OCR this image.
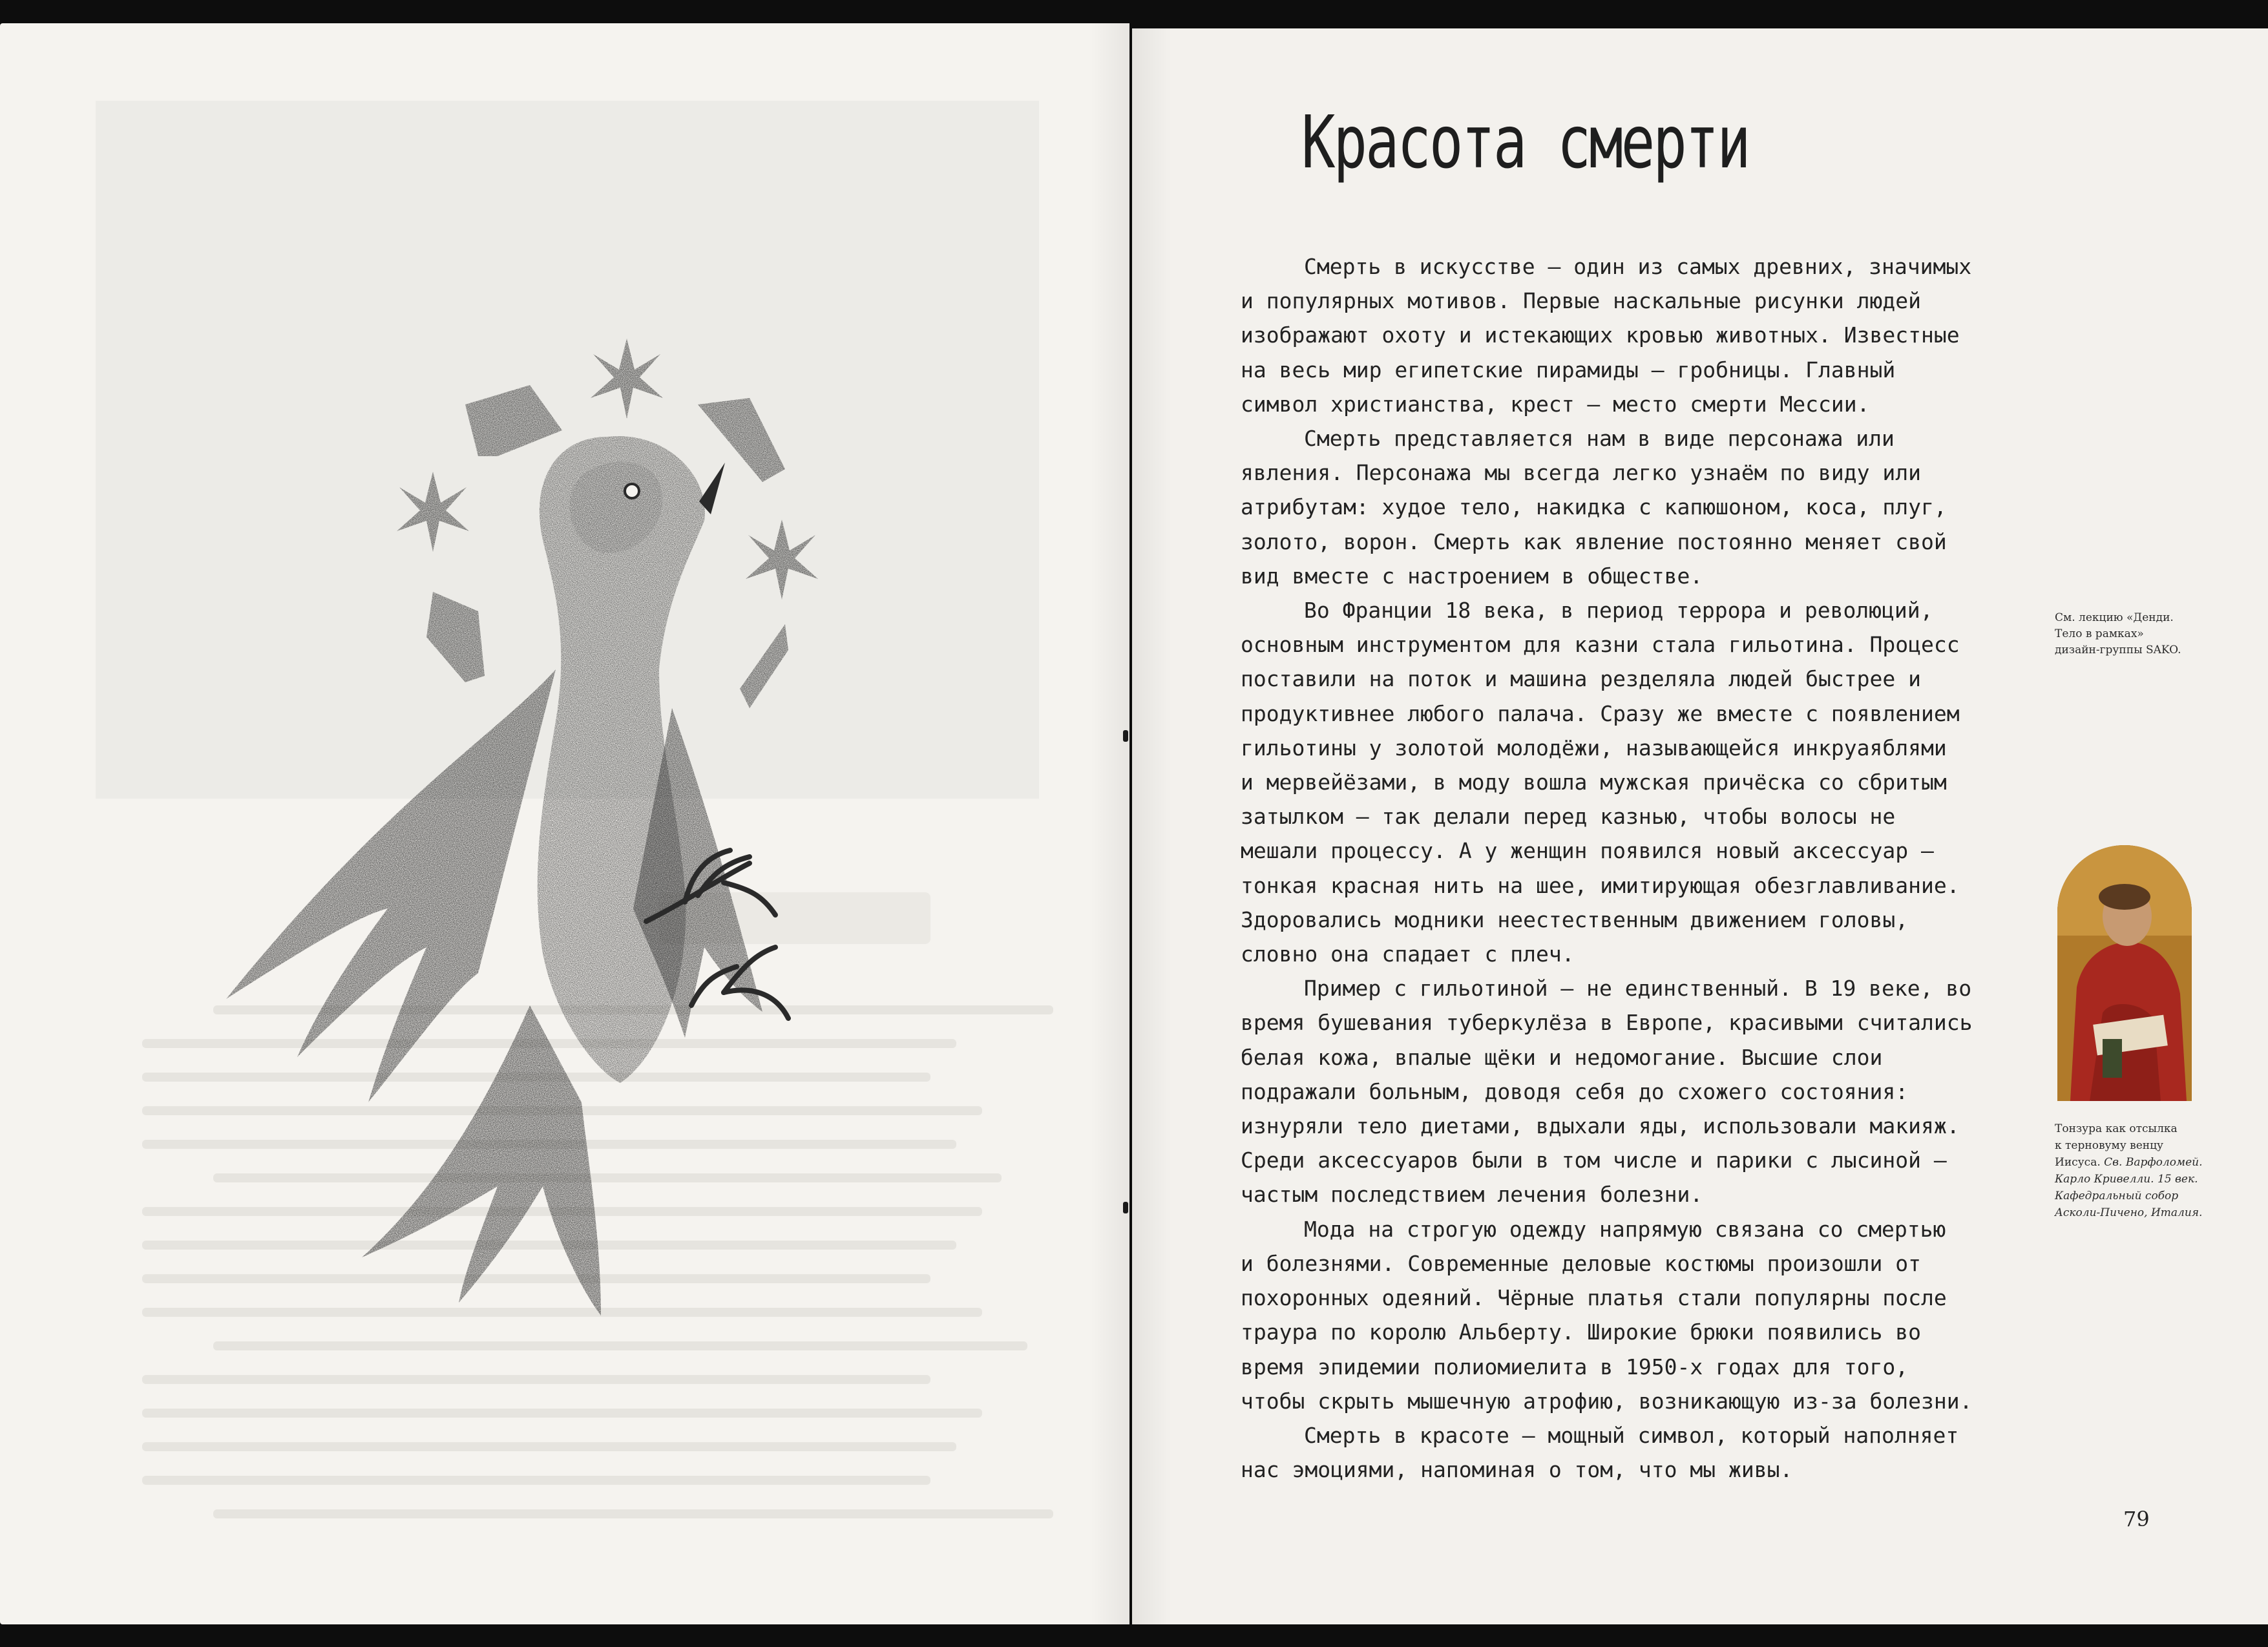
Красота смерти

Смерть в искусстве — один из самых древних, значимых
и популярных мотивов. Первые наскальные рисунки людей
изображают охоту и истекающих кровью животных. Известные
на весь мир египетские пирамиды — гробницы. Главный
символ христианства, крест — место смерти Мессии.

Смерть представляется нам в виде персонажа или
явления. Персонажа мы всегда легко узнаём по виду или
атрибутам: худое тело, накидка с капюшоном, коса, плуг,
золото, ворон. Смерть как явление постоянно меняет свой
вид вместе с настроением в обществе.

Во Франции 18 века, в период террора и революций,
основным инструментом для казни стала гильотина. Процесс
поставили на поток и машина резделяла людей быстрее и
продуктивнее любого палача. Сразу же вместе с появлением
гильотины у золотой молодёжи, называющейся инкруаяблями
и мервейёзами, в моду вошла мужская причёска со сбритым
затылком — так делали перед казнью, чтобы волосы не
мешали процессу. А у женщин появился новый аксессуар —
тонкая красная нить на шее, имитирующая обезглавливание.
Здоровались модники неестественным движением головы,
словно она спадает с плеч.

Пример с гильотиной — не единственный. В 19 веке, во
время бушевания туберкулёза в Европе, красивыми считались
белая кожа, впалые щёки и недомогание. Высшие слои
подражали больным, доводя себя до схожего состояния:
изнуряли тело диетами, вдыхали яды, использовали макияж.
Среди аксессуаров были в том числе и парики с лысиной —
частым последствием лечения болезни.

Мода на строгую одежду напрямую связана со смертью
и болезнями. Современные деловые костюмы произошли от
похоронных одеяний. Чёрные платья стали популярны после
траура по королю Альберту. Широкие брюки появились во
время эпидемии полиомиелита в 1950-х годах для того,
чтобы скрыть мышечную атрофию, возникающую из-за болезни.

Смерть в красоте — мощный символ, который наполняет
нас эмоциями, напоминая о том, что мы живы.

См. лекцию «Денди.
Тело в рамках»
дизайн-группы SAKO.
Тонзура как отсылка
к терновуму венцу
Иисуса. Св. Варфоломей.
Карло Кривелли. 15 век.
Кафедральный собор
Асколи-Пичено, Италия.
79
